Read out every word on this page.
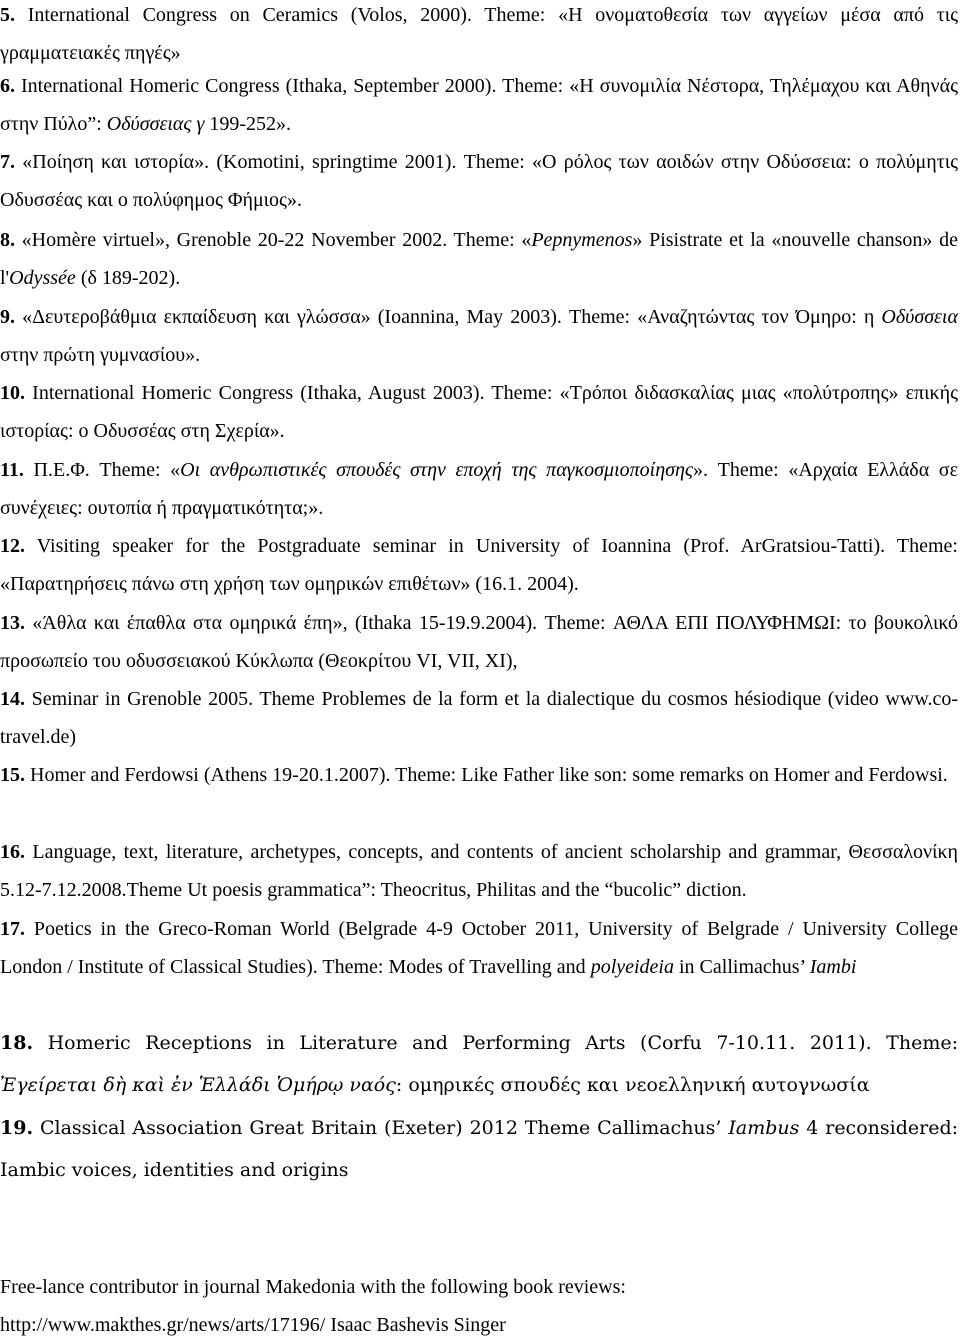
5. International Congress on Ceramics (Volos, 2000). Theme: «Η ονοματοθεσία των αγγείων μέσα από τις γραμματειακές πηγές»

6. International Homeric Congress (Ithaka, September 2000). Theme: «Η συνομιλία Νέστορα, Τηλέμαχου και Αθηνάς στην Πύλο”: Οδύσσειας γ 199-252».

7. «Ποίηση και ιστορία». (Komotini, springtime 2001). Theme: «Ο ρόλος των αοιδών στην Οδύσσεια: ο πολύμητις Οδυσσέας και ο πολύφημος Φήμιος».

8. «Homère virtuel», Grenoble 20-22 November 2002. Theme: «Pepnymenos» Pisistrate et la «nouvelle chanson» de l'Odyssée (δ 189-202).

9. «Δευτεροβάθμια εκπαίδευση και γλώσσα» (Ioannina, May 2003). Theme: «Αναζητώντας τον Όμηρο: η Οδύσσεια στην πρώτη γυμνασίου».

10. International Homeric Congress (Ithaka, August 2003). Theme: «Τρόποι διδασκαλίας μιας «πολύτροπης» επικής ιστορίας: ο Οδυσσέας στη Σχερία».

11. Π.Ε.Φ. Theme: «Οι ανθρωπιστικές σπουδές στην εποχή της παγκοσμιοποίησης». Theme: «Αρχαία Ελλάδα σε συνέχειες: ουτοπία ή πραγματικότητα;».

12. Visiting speaker for the Postgraduate seminar in University of Ioannina (Prof. ArGratsiou-Tatti). Theme: «Παρατηρήσεις πάνω στη χρήση των ομηρικών επιθέτων» (16.1. 2004).

13. «Άθλα και έπαθλα στα ομηρικά έπη», (Ithaka 15-19.9.2004). Theme: ΑΘΛΑ ΕΠΙ ΠΟΛΥΦΗΜΩΙ: το βουκολικό προσωπείο του οδυσσειακού Κύκλωπα (Θεοκρίτου VI, VII, XI),

14. Seminar in Grenoble 2005. Theme Problemes de la form et la dialectique du cosmos hésiodique (video www.co-travel.de)

15. Homer and Ferdowsi (Athens 19-20.1.2007). Theme: Like Father like son: some remarks on Homer and Ferdowsi.

16. Language, text, literature, archetypes, concepts, and contents of ancient scholarship and grammar, Θεσσαλονίκη 5.12-7.12.2008.Theme Ut poesis grammatica”: Theocritus, Philitas and the “bucolic” diction.

17. Poetics in the Greco-Roman World (Belgrade 4-9 October 2011, University of Belgrade / University College London / Institute of Classical Studies). Theme: Modes of Travelling and polyeideia in Callimachus’ Iambi

18. Homeric Receptions in Literature and Performing Arts (Corfu 7-10.11. 2011). Theme: Ἐγείρεται δὴ καὶ ἐν Ἑλλάδι Ὁμήρῳ ναός: ομηρικές σπουδές και νεοελληνική αυτογνωσία

19. Classical Association Great Britain (Exeter) 2012 Theme Callimachus’ Iambus 4 reconsidered: Iambic voices, identities and origins

Free-lance contributor in journal Makedonia with the following book reviews:

http://www.makthes.gr/news/arts/17196/ Isaac Bashevis Singer
